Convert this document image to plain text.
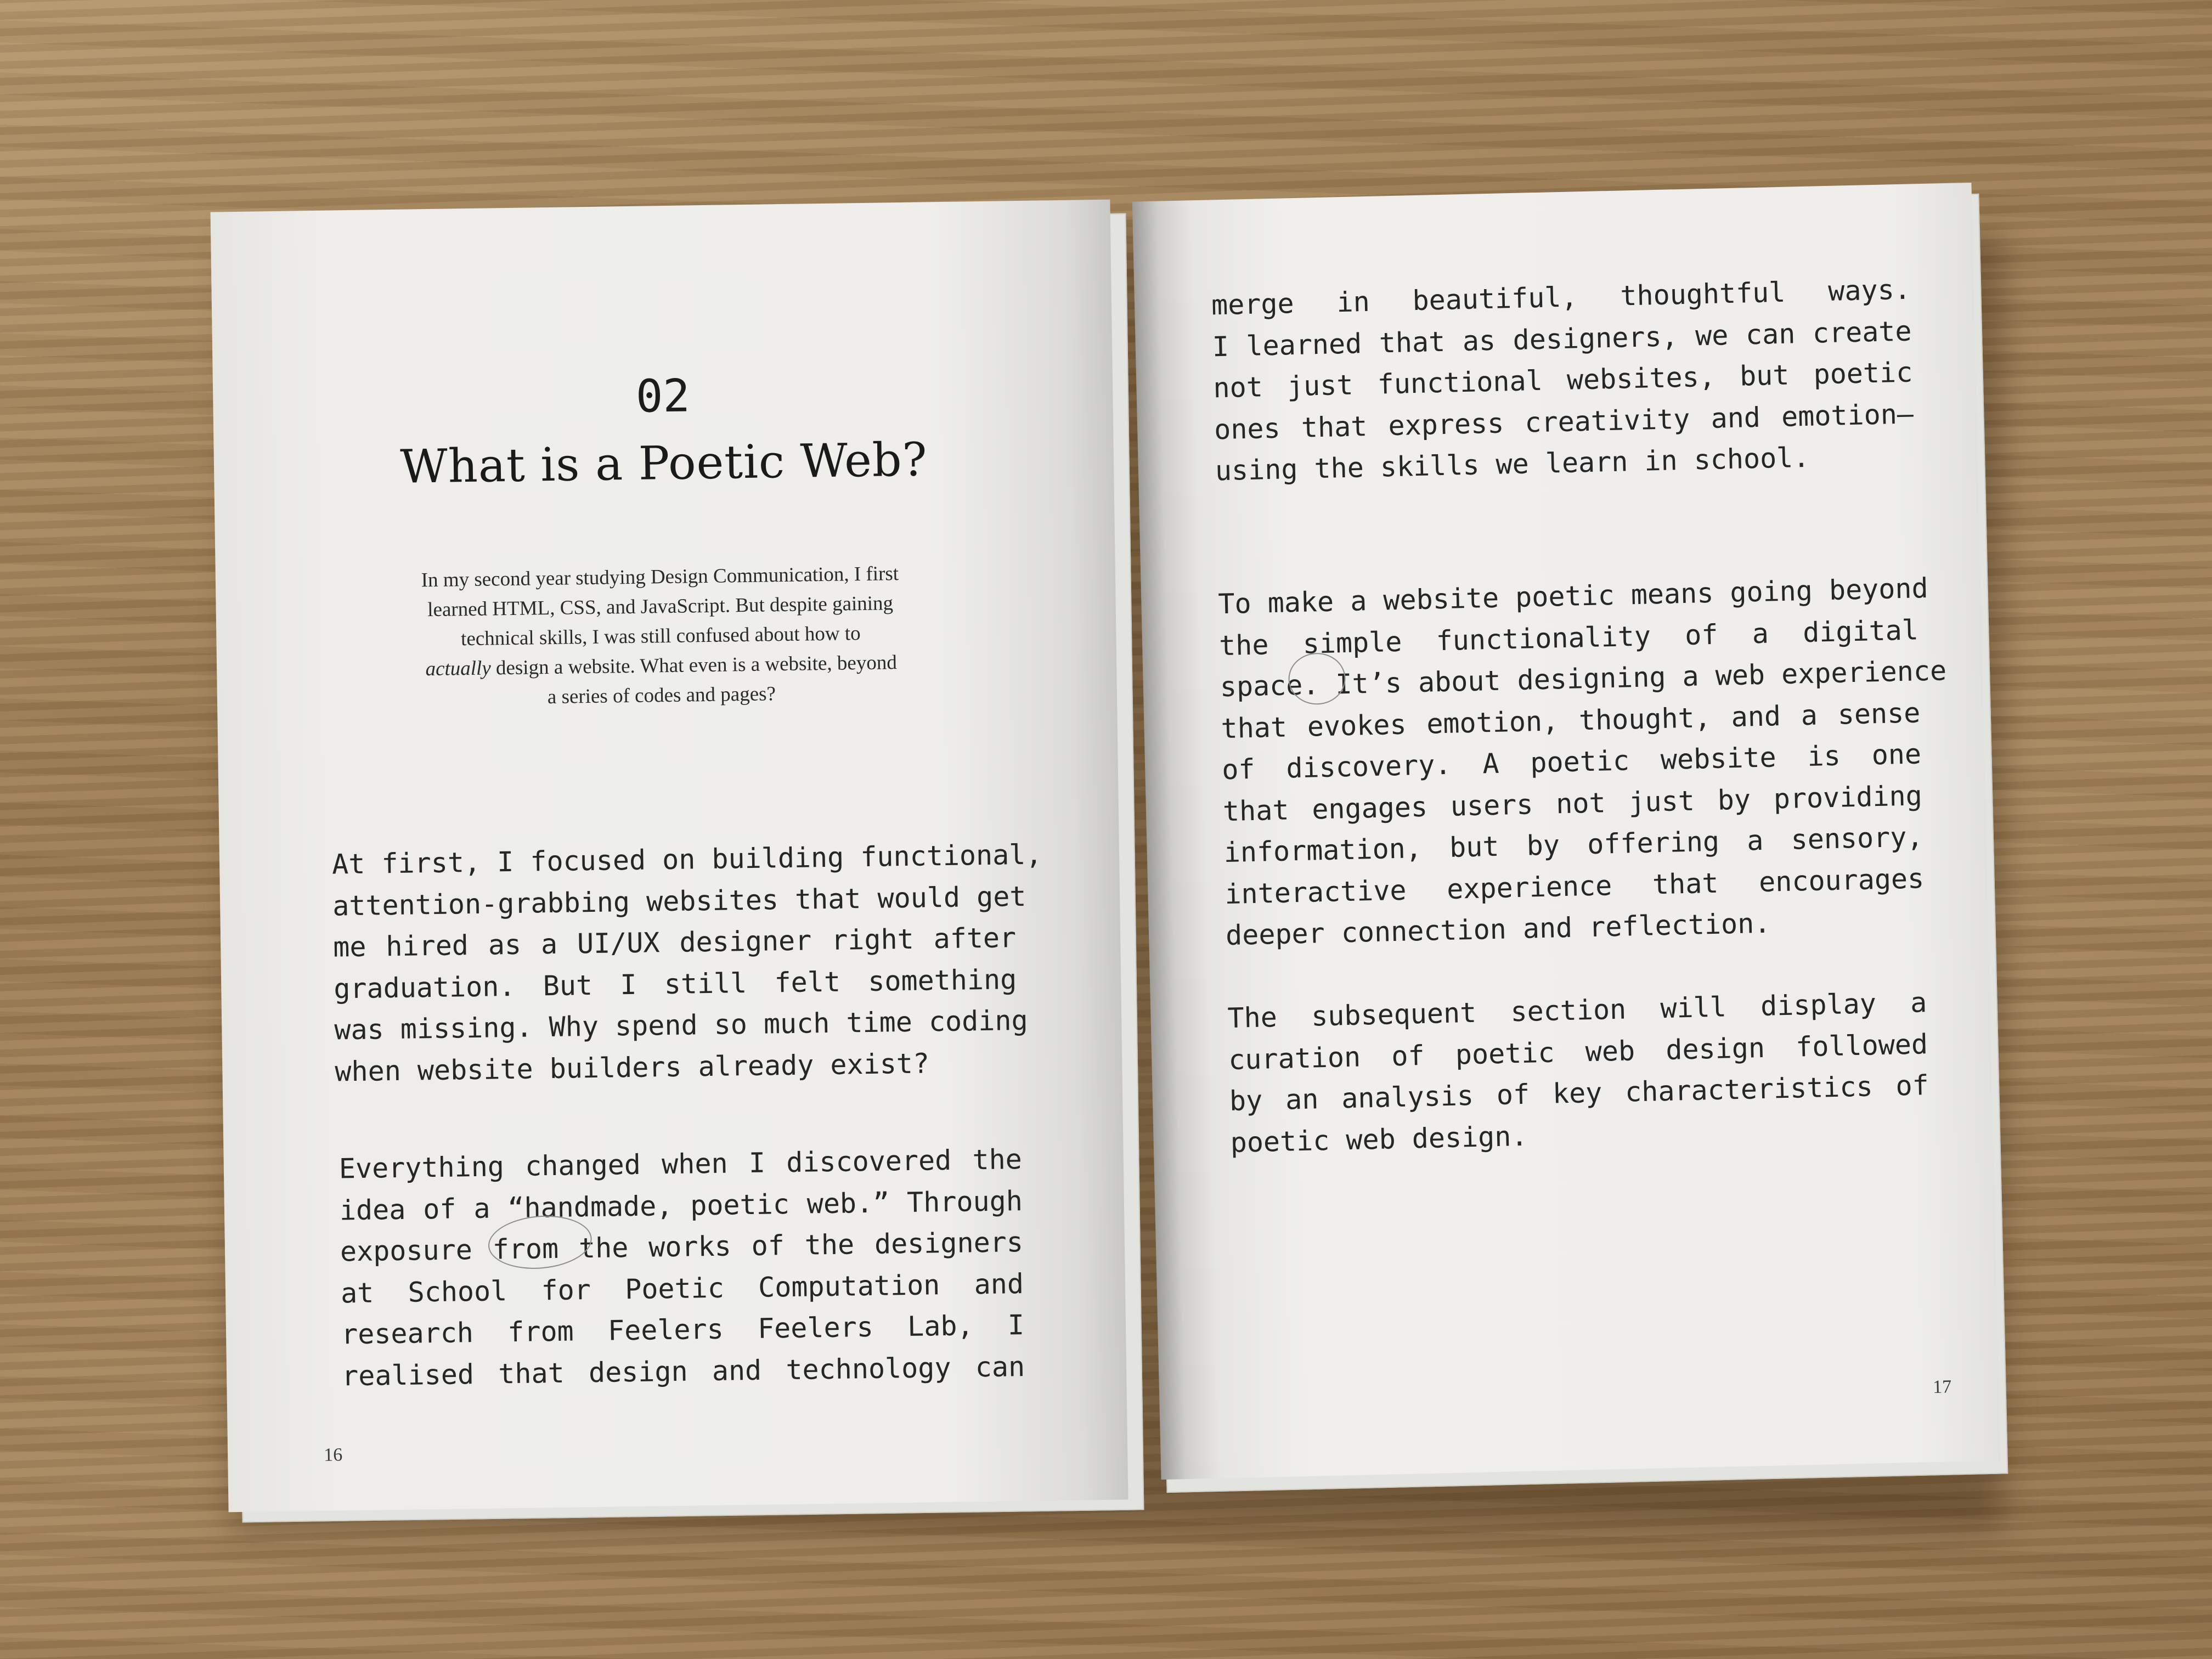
02
What is a Poetic Web?
In my second year studying Design Communication, I first
learned HTML, CSS, and JavaScript. But despite gaining
technical skills, I was still confused about how to
actually design a website. What even is a website, beyond
a series of codes and pages?
At first, I focused on building functional,
attention-grabbing websites that would get
me hired as a UI/UX designer right after
graduation. But I still felt something
was missing. Why spend so much time coding
when website builders already exist?
Everything changed when I discovered the
idea of a “handmade, poetic web.” Through
exposure from the works of the designers
at School for Poetic Computation and
research from Feelers Feelers Lab, I
realised that design and technology can
16
merge in beautiful, thoughtful ways.
I learned that as designers, we can create
not just functional websites, but poetic
ones that express creativity and emotion—
using the skills we learn in school.
To make a website poetic means going beyond
the simple functionality of a digital
space. It’s about designing a web experience
that evokes emotion, thought, and a sense
of discovery. A poetic website is one
that engages users not just by providing
information, but by offering a sensory,
interactive experience that encourages
deeper connection and reflection.
The subsequent section will display a
curation of poetic web design followed
by an analysis of key characteristics of
poetic web design.
17
